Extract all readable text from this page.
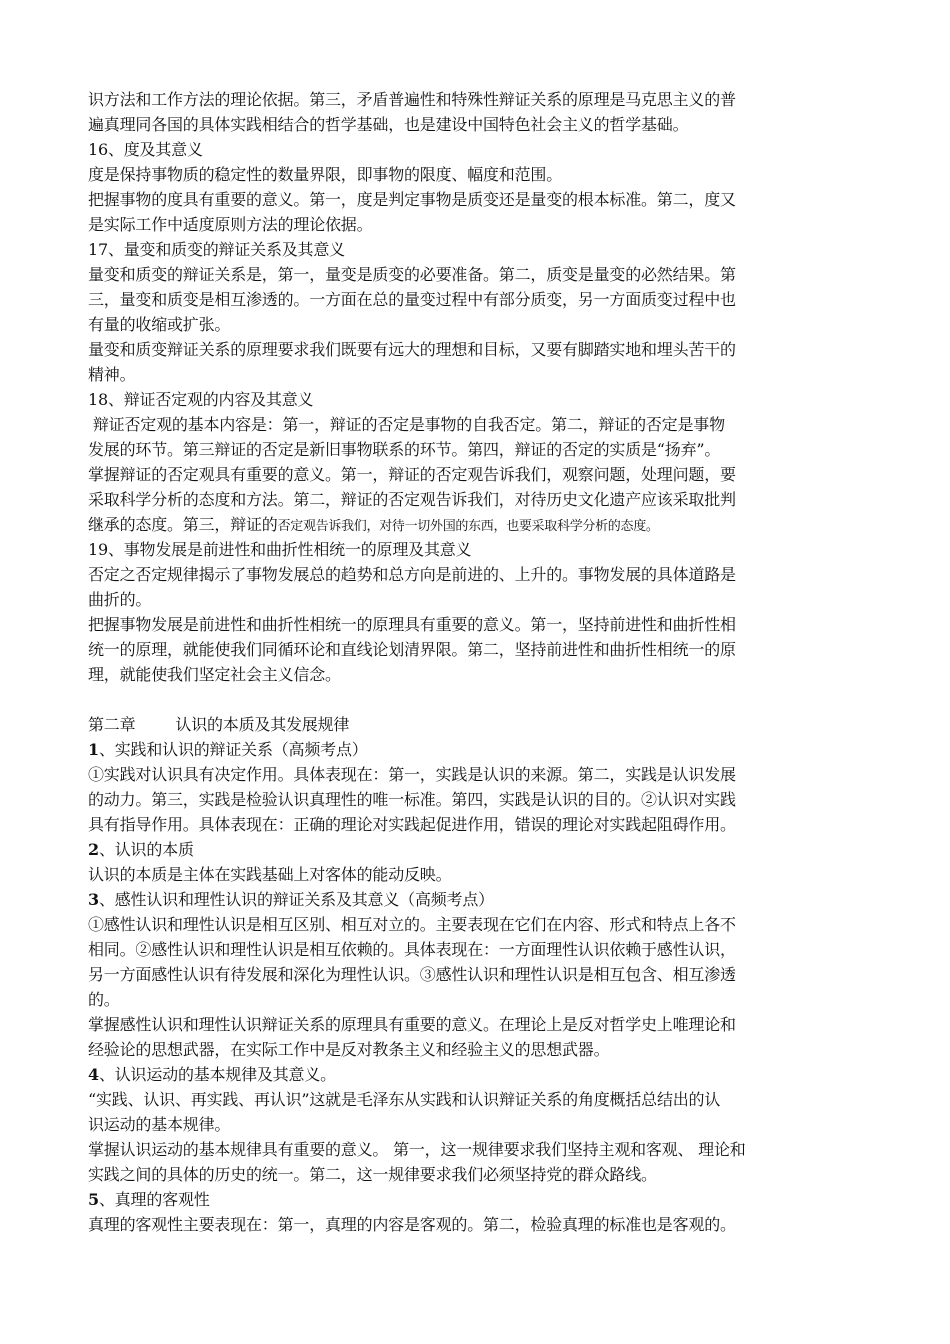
识方法和工作方法的理论依据。第三，矛盾普遍性和特殊性辩证关系的原理是马克思主义的普
遍真理同各国的具体实践相结合的哲学基础，也是建设中国特色社会主义的哲学基础。
16、度及其意义
度是保持事物质的稳定性的数量界限，即事物的限度、幅度和范围。
把握事物的度具有重要的意义。第一，度是判定事物是质变还是量变的根本标准。第二，度又
是实际工作中适度原则方法的理论依据。
17、量变和质变的辩证关系及其意义
量变和质变的辩证关系是，第一，量变是质变的必要准备。第二，质变是量变的必然结果。第
三，量变和质变是相互渗透的。一方面在总的量变过程中有部分质变，另一方面质变过程中也
有量的收缩或扩张。
量变和质变辩证关系的原理要求我们既要有远大的理想和目标，又要有脚踏实地和埋头苦干的
精神。
18、辩证否定观的内容及其意义
辩证否定观的基本内容是：第一，辩证的否定是事物的自我否定。第二，辩证的否定是事物
发展的环节。第三辩证的否定是新旧事物联系的环节。第四，辩证的否定的实质是“扬弃”。
掌握辩证的否定观具有重要的意义。第一，辩证的否定观告诉我们，观察问题，处理问题，要
采取科学分析的态度和方法。第二，辩证的否定观告诉我们，对待历史文化遗产应该采取批判
继承的态度。第三，辩证的否定观告诉我们，对待一切外国的东西，也要采取科学分析的态度。
19、事物发展是前进性和曲折性相统一的原理及其意义
否定之否定规律揭示了事物发展总的趋势和总方向是前进的、上升的。事物发展的具体道路是
曲折的。
把握事物发展是前进性和曲折性相统一的原理具有重要的意义。第一，坚持前进性和曲折性相
统一的原理，就能使我们同循环论和直线论划清界限。第二，坚持前进性和曲折性相统一的原
理，就能使我们坚定社会主义信念。
第二章	认识的本质及其发展规律
1、实践和认识的辩证关系（高频考点）
①实践对认识具有决定作用。具体表现在：第一，实践是认识的来源。第二，实践是认识发展
的动力。第三，实践是检验认识真理性的唯一标准。第四，实践是认识的目的。②认识对实践
具有指导作用。具体表现在：正确的理论对实践起促进作用，错误的理论对实践起阻碍作用。
2、认识的本质
认识的本质是主体在实践基础上对客体的能动反映。
3、感性认识和理性认识的辩证关系及其意义（高频考点）
①感性认识和理性认识是相互区别、相互对立的。主要表现在它们在内容、形式和特点上各不
相同。②感性认识和理性认识是相互依赖的。具体表现在：一方面理性认识依赖于感性认识，
另一方面感性认识有待发展和深化为理性认识。③感性认识和理性认识是相互包含、相互渗透
的。
掌握感性认识和理性认识辩证关系的原理具有重要的意义。在理论上是反对哲学史上唯理论和
经验论的思想武器，在实际工作中是反对教条主义和经验主义的思想武器。
4、认识运动的基本规律及其意义。
“实践、认识、再实践、再认识”这就是毛泽东从实践和认识辩证关系的角度概括总结出的认
识运动的基本规律。
掌握认识运动的基本规律具有重要的意义。 第一，这一规律要求我们坚持主观和客观、 理论和
实践之间的具体的历史的统一。第二，这一规律要求我们必须坚持党的群众路线。
5、真理的客观性
真理的客观性主要表现在：第一，真理的内容是客观的。第二，检验真理的标准也是客观的。
